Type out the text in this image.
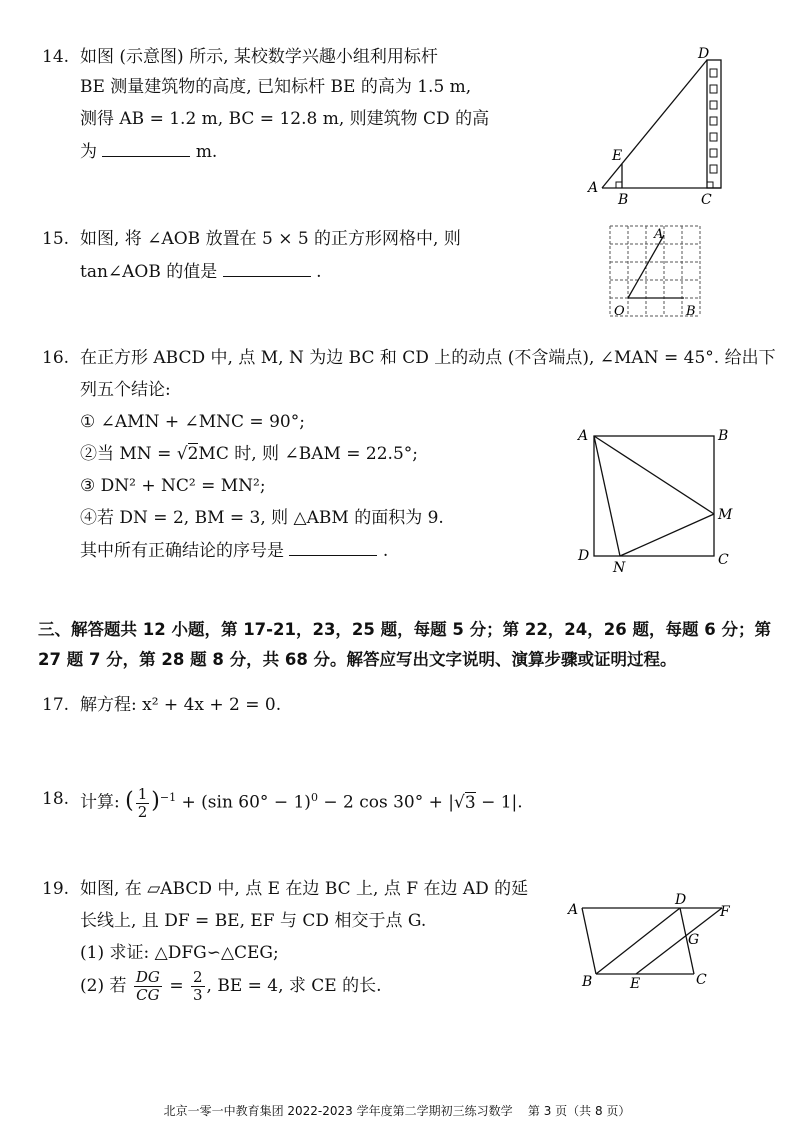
14. 如图 (示意图) 所示, 某校数学兴趣小组利用标杆
BE 测量建筑物的高度, 已知标杆 BE 的高为 1.5 m,
测得 AB = 1.2 m, BC = 12.8 m, 则建筑物 CD 的高
为	m.
D
E
A
B	C
15. 如图, 将 ∠AOB 放置在 5 × 5 的正方形网格中, 则
tan∠AOB 的值是	.
A
O	B
16. 在正方形 ABCD 中, 点 M, N 为边 BC 和 CD 上的动点 (不含端点), ∠MAN = 45°. 给出下
列五个结论:
① ∠AMN + ∠MNC = 90°;
②当 MN = √2MC 时, 则 ∠BAM = 22.5°;
③ DN² + NC² = MN²;
④若 DN = 2, BM = 3, 则 △ABM 的面积为 9.
其中所有正确结论的序号是	.
A	B
M
C
D
N
三、解答题共 12 小题，第 17-21，23，25 题，每题 5 分；第 22，24，26 题，每题 6 分；第
27 题 7 分，第 28 题 8 分，共 68 分。解答应写出文字说明、演算步骤或证明过程。
17. 解方程: x² + 4x + 2 = 0.
18. 计算: ( $\frac{1}{2} )^{-1} + (\sin$ 60° − 1)$^0$ − 2 cos 30° + |√3 − 1|.
19. 如图, 在 ▱ABCD 中, 点 E 在边 BC 上, 点 F 在边 AD 的延
长线上, 且 DF = BE, EF 与 CD 相交于点 G.
(1) 求证: △DFG∽△CEG;
(2) 若 $\frac{DG}{CG} = \frac{2}{3}$ , BE = 4, 求 CE 的长.
A
D
F
G
B	E	C
北京一零一中教育集团 2022-2023 学年度第二学期初三练习数学    第 3 页（共 8 页）
